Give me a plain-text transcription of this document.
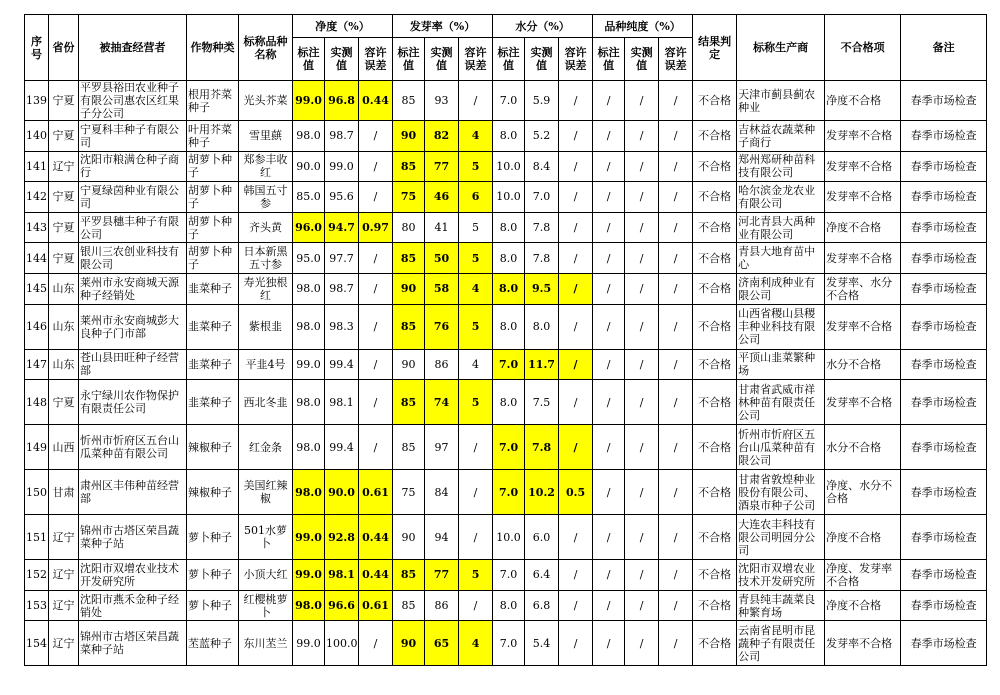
序号	省份	被抽查经营者	作物种类	标称品种名称	净度（%）			发芽率（%）			水分（%）			品种纯度（%）			结果判定	标称生产商	不合格项	备注
					标注值	实测值	容许误差	标注值	实测值	容许误差	标注值	实测值	容许误差	标注值	实测值	容许误差				
139	宁夏	平罗县裕田农业种子有限公司惠农区红果子分公司	根用芥菜种子	光头芥菜	99.0	96.8	0.44	85	93	/	7.0	5.9	/	/	/	/	不合格	天津市蓟县蓟农种业	净度不合格	春季市场检查
140	宁夏	宁夏科丰种子有限公司	叶用芥菜种子	雪里蕻	98.0	98.7	/	90	82	4	8.0	5.2	/	/	/	/	不合格	吉林益农蔬菜种子商行	发芽率不合格	春季市场检查
141	辽宁	沈阳市粮满仓种子商行	胡萝卜种子	郑参丰收红	90.0	99.0	/	85	77	5	10.0	8.4	/	/	/	/	不合格	郑州郑研种苗科技有限公司	发芽率不合格	春季市场检查
142	宁夏	宁夏绿茵种业有限公司	胡萝卜种子	韩国五寸参	85.0	95.6	/	75	46	6	10.0	7.0	/	/	/	/	不合格	哈尔滨金龙农业有限公司	发芽率不合格	春季市场检查
143	宁夏	平罗县穗丰种子有限公司	胡萝卜种子	齐头黄	96.0	94.7	0.97	80	41	5	8.0	7.8	/	/	/	/	不合格	河北青县大禹种业有限公司	净度不合格	春季市场检查
144	宁夏	银川三农创业科技有限公司	胡萝卜种子	日本新黑五寸参	95.0	97.7	/	85	50	5	8.0	7.8	/	/	/	/	不合格	青县大地育苗中心	发芽率不合格	春季市场检查
145	山东	莱州市永安商城天源种子经销处	韭菜种子	寿光独根红	98.0	98.7	/	90	58	4	8.0	9.5	/	/	/	/	不合格	济南利成种业有限公司	发芽率、水分不合格	春季市场检查
146	山东	莱州市永安商城彭大良种子门市部	韭菜种子	紫根韭	98.0	98.3	/	85	76	5	8.0	8.0	/	/	/	/	不合格	山西省稷山县稷丰种业科技有限公司	发芽率不合格	春季市场检查
147	山东	苍山县田旺种子经营部	韭菜种子	平韭4号	99.0	99.4	/	90	86	4	7.0	11.7	/	/	/	/	不合格	平顶山韭菜繁种场	水分不合格	春季市场检查
148	宁夏	永宁绿川农作物保护有限责任公司	韭菜种子	西北冬韭	98.0	98.1	/	85	74	5	8.0	7.5	/	/	/	/	不合格	甘肃省武威市祥林种苗有限责任公司	发芽率不合格	春季市场检查
149	山西	忻州市忻府区五台山瓜菜种苗有限公司	辣椒种子	红金条	98.0	99.4	/	85	97	/	7.0	7.8	/	/	/	/	不合格	忻州市忻府区五台山瓜菜种苗有限公司	水分不合格	春季市场检查
150	甘肃	肃州区丰伟种苗经营部	辣椒种子	美国红辣椒	98.0	90.0	0.61	75	84	/	7.0	10.2	0.5	/	/	/	不合格	甘肃省敦煌种业股份有限公司、酒泉市种子公司	净度、水分不合格	春季市场检查
151	辽宁	锦州市古塔区荣昌蔬菜种子站	萝卜种子	501水萝卜	99.0	92.8	0.44	90	94	/	10.0	6.0	/	/	/	/	不合格	大连农丰科技有限公司明园分公司	净度不合格	春季市场检查
152	辽宁	沈阳市双增农业技术开发研究所	萝卜种子	小顶大红	99.0	98.1	0.44	85	77	5	7.0	6.4	/	/	/	/	不合格	沈阳市双增农业技术开发研究所	净度、发芽率不合格	春季市场检查
153	辽宁	沈阳市燕禾金种子经销处	萝卜种子	红樱桃萝卜	98.0	96.6	0.61	85	86	/	8.0	6.8	/	/	/	/	不合格	青县纯丰蔬菜良种繁育场	净度不合格	春季市场检查
154	辽宁	锦州市古塔区荣昌蔬菜种子站	苤蓝种子	东川苤兰	99.0	100.0	/	90	65	4	7.0	5.4	/	/	/	/	不合格	云南省昆明市昆蔬种子有限责任公司	发芽率不合格	春季市场检查
